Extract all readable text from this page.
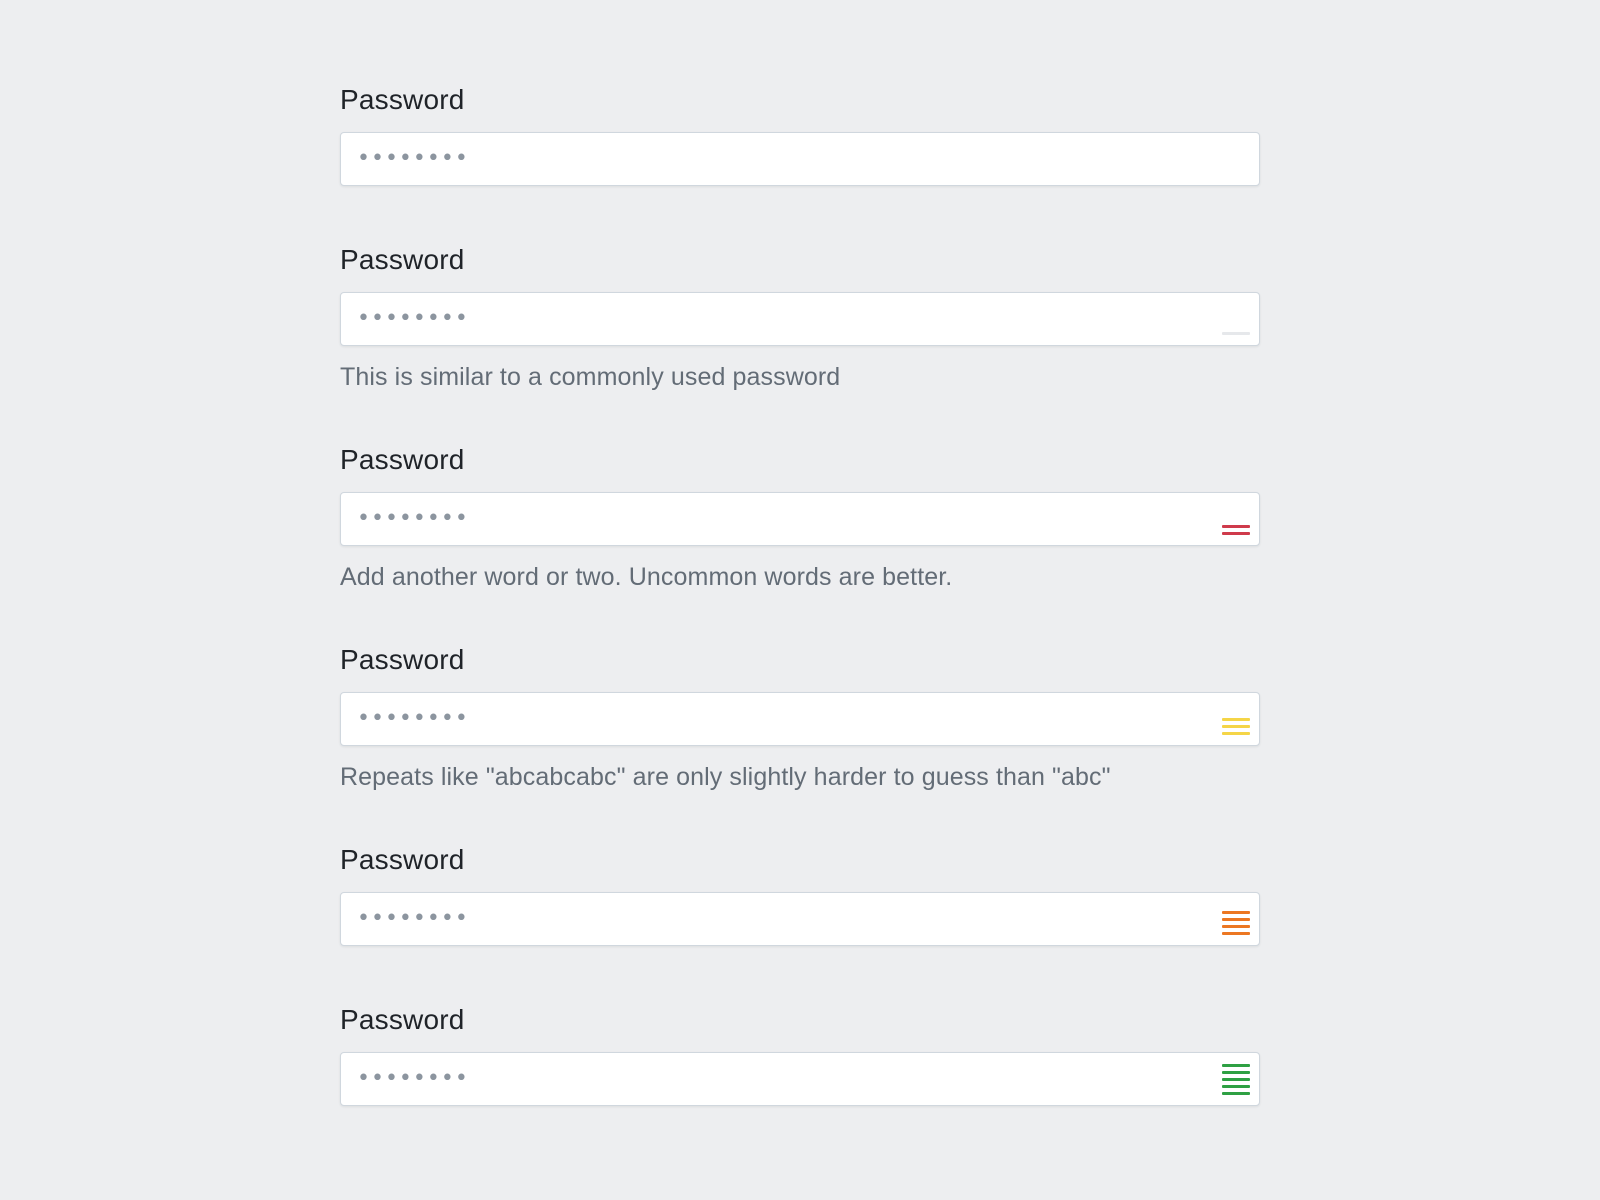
Password
••••••••
Password
••••••••
This is similar to a commonly used password
Password
••••••••
Add another word or two. Uncommon words are better.
Password
••••••••
Repeats like "abcabcabc" are only slightly harder to guess than "abc"
Password
••••••••
Password
••••••••
